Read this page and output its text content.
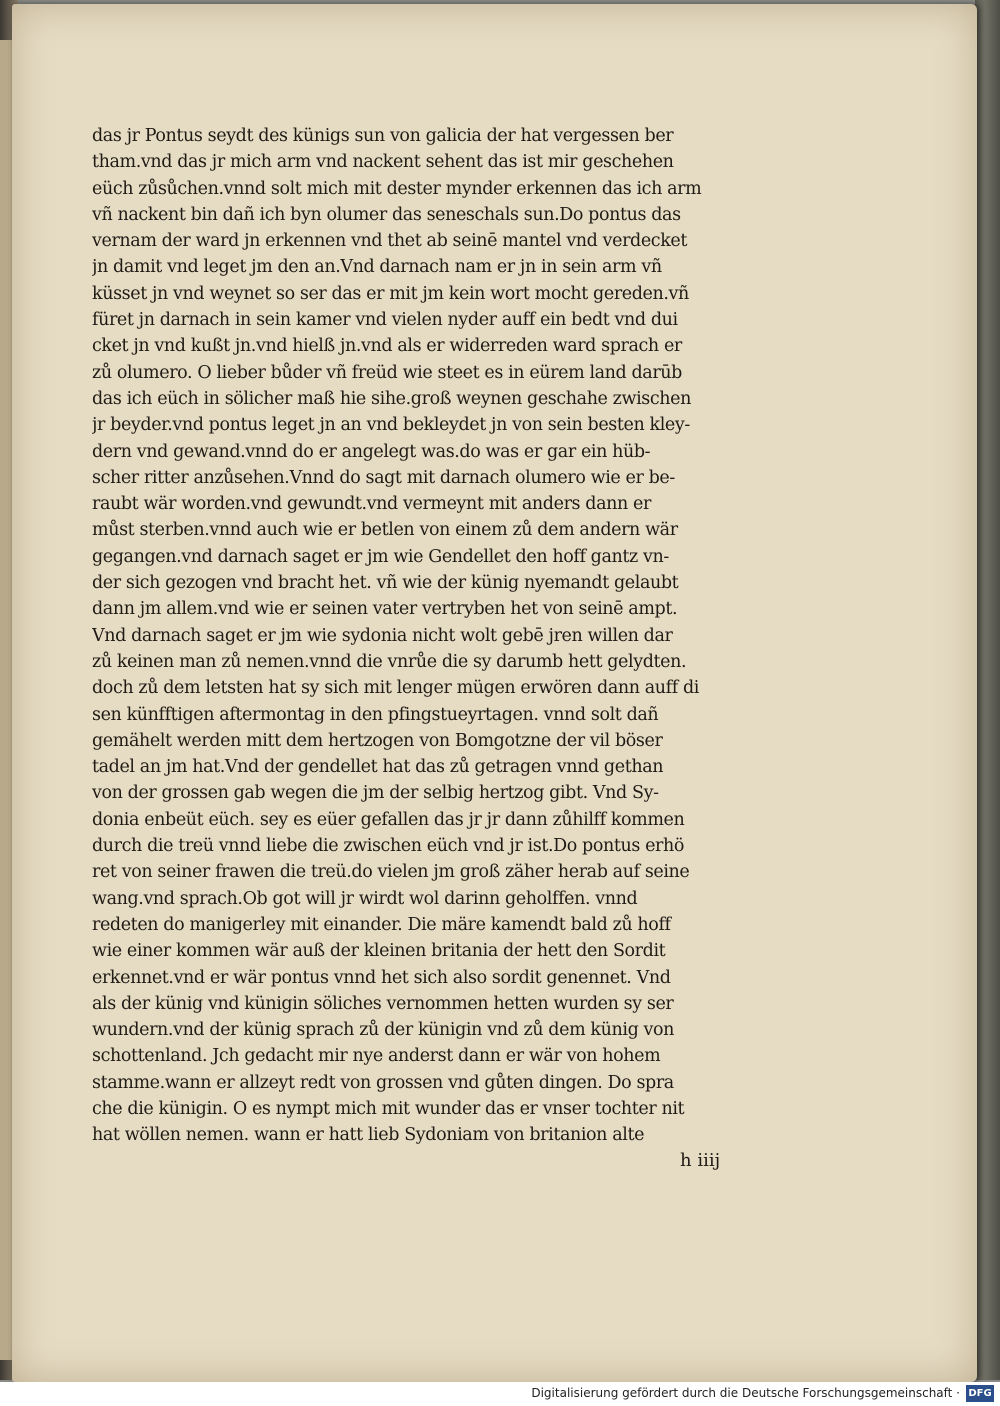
das jr Pontus seydt des künigs sun von galicia der hat vergessen ber
tham.vnd das jr mich arm vnd nackent sehent das ist mir geschehen
eüch zůsůchen.vnnd solt mich mit dester mynder erkennen das ich arm
vñ nackent bin dañ ich byn olumer das seneschals sun.Do pontus das
vernam der ward jn erkennen vnd thet ab seinē mantel vnd verdecket
jn damit vnd leget jm den an.Vnd darnach nam er jn in sein arm vñ
küsset jn vnd weynet so ser das er mit jm kein wort mocht gereden.vñ
füret jn darnach in sein kamer vnd vielen nyder auff ein bedt vnd dui
cket jn vnd kußt jn.vnd hielß jn.vnd als er widerreden ward sprach er
zů olumero. O lieber bůder vñ freüd wie steet es in eürem land darūb
das ich eüch in sölicher maß hie sihe.groß weynen geschahe zwischen
jr beyder.vnd pontus leget jn an vnd bekleydet jn von sein besten kley-
dern vnd gewand.vnnd do er angelegt was.do was er gar ein hüb-
scher ritter anzůsehen.Vnnd do sagt mit darnach olumero wie er be-
raubt wär worden.vnd gewundt.vnd vermeynt mit anders dann er
můst sterben.vnnd auch wie er betlen von einem zů dem andern wär
gegangen.vnd darnach saget er jm wie Gendellet den hoff gantz vn-
der sich gezogen vnd bracht het. vñ wie der künig nyemandt gelaubt
dann jm allem.vnd wie er seinen vater vertryben het von seinē ampt.
Vnd darnach saget er jm wie sydonia nicht wolt gebē jren willen dar
zů keinen man zů nemen.vnnd die vnrůe die sy darumb hett gelydten.
doch zů dem letsten hat sy sich mit lenger mügen erwören dann auff di
sen künfftigen aftermontag in den pfingstueyrtagen. vnnd solt dañ
gemähelt werden mitt dem hertzogen von Bomgotzne der vil böser
tadel an jm hat.Vnd der gendellet hat das zů getragen vnnd gethan
von der grossen gab wegen die jm der selbig hertzog gibt. Vnd Sy-
donia enbeüt eüch. sey es eüer gefallen das jr jr dann zůhilff kommen
durch die treü vnnd liebe die zwischen eüch vnd jr ist.Do pontus erhö
ret von seiner frawen die treü.do vielen jm groß zäher herab auf seine
wang.vnd sprach.Ob got will jr wirdt wol darinn geholffen. vnnd
redeten do manigerley mit einander. Die märe kamendt bald zů hoff
wie einer kommen wär auß der kleinen britania der hett den Sordit
erkennet.vnd er wär pontus vnnd het sich also sordit genennet. Vnd
als der künig vnd künigin söliches vernommen hetten wurden sy ser
wundern.vnd der künig sprach zů der künigin vnd zů dem künig von
schottenland. Jch gedacht mir nye anderst dann er wär von hohem
stamme.wann er allzeyt redt von grossen vnd gůten dingen. Do spra
che die künigin. O es nympt mich mit wunder das er vnser tochter nit
hat wöllen nemen. wann er hatt lieb Sydoniam von britanion alte
h iiij
Digitalisierung gefördert durch die Deutsche Forschungsgemeinschaft · DFG
